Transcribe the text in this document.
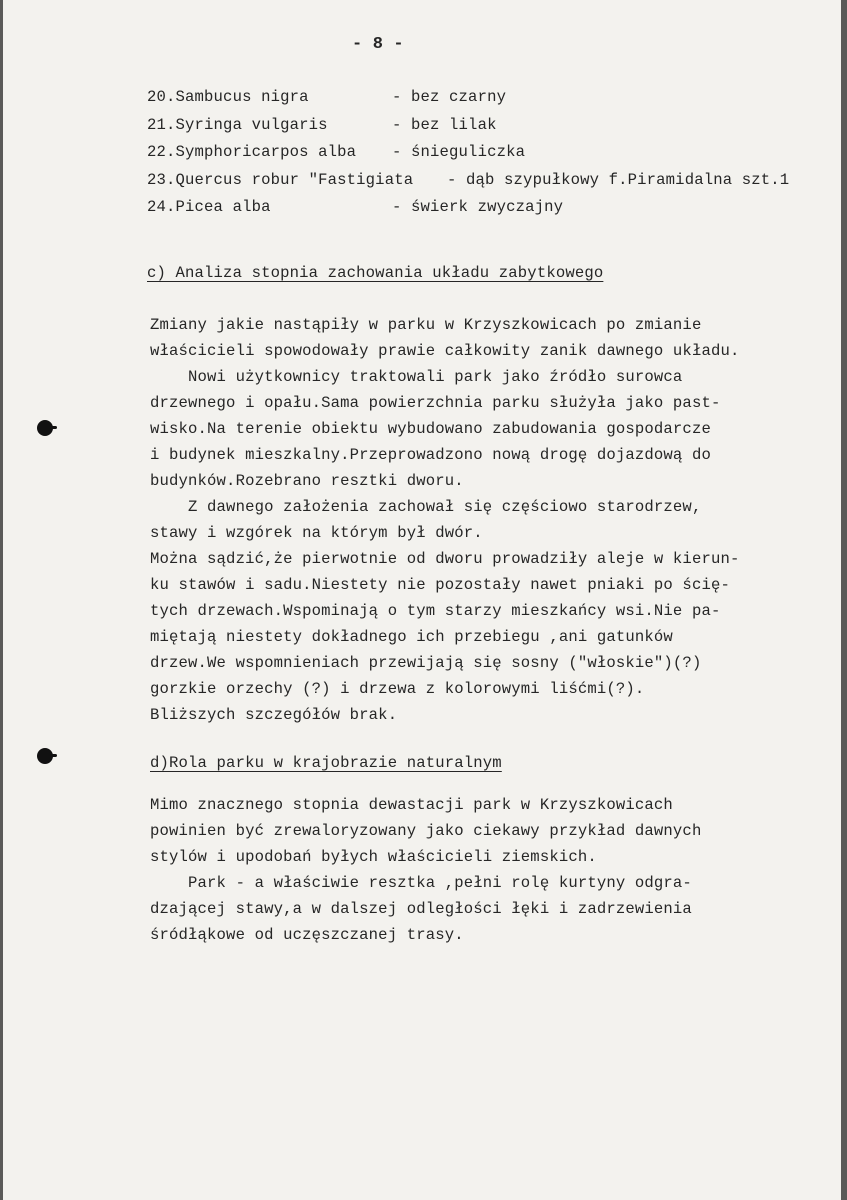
- 8 -

20.Sambucus nigra	- bez czarny
21.Syringa vulgaris	- bez lilak
22.Symphoricarpos alba - śnieguliczka
23.Quercus robur "Fastigiata - dąb szypułkowy f.Piramidalna szt.1
24.Picea alba	- świerk zwyczajny

c) Analiza stopnia zachowania układu zabytkowego

Zmiany jakie nastąpiły w parku w Krzyszkowicach po zmianie
właścicieli spowodowały prawie całkowity zanik dawnego układu.
Nowi użytkownicy traktowali park jako źródło surowca
drzewnego i opału.Sama powierzchnia parku służyła jako past-
wisko.Na terenie obiektu wybudowano zabudowania gospodarcze
i budynek mieszkalny.Przeprowadzono nową drogę dojazdową do
budynków.Rozebrano resztki dworu.
Z dawnego założenia zachował się częściowo starodrzew,
stawy i wzgórek na którym był dwór.
Można sądzić,że pierwotnie od dworu prowadziły aleje w kierun-
ku stawów i sadu.Niestety nie pozostały nawet pniaki po ścię-
tych drzewach.Wspominają o tym starzy mieszkańcy wsi.Nie pa-
miętają niestety dokładnego ich przebiegu ,ani gatunków
drzew.We wspomnieniach przewijają się sosny ("włoskie")(?)
gorzkie orzechy (?) i drzewa z kolorowymi liśćmi(?).
Bliższych szczegółów brak.

d)Rola parku w krajobrazie naturalnym

Mimo znacznego stopnia dewastacji park w Krzyszkowicach
powinien być zrewaloryzowany jako ciekawy przykład dawnych
stylów i upodobań byłych właścicieli ziemskich.
Park - a właściwie resztka ,pełni rolę kurtyny odgra-
dzającej stawy,a w dalszej odległości łęki i zadrzewienia
śródłąkowe od uczęszczanej trasy.
